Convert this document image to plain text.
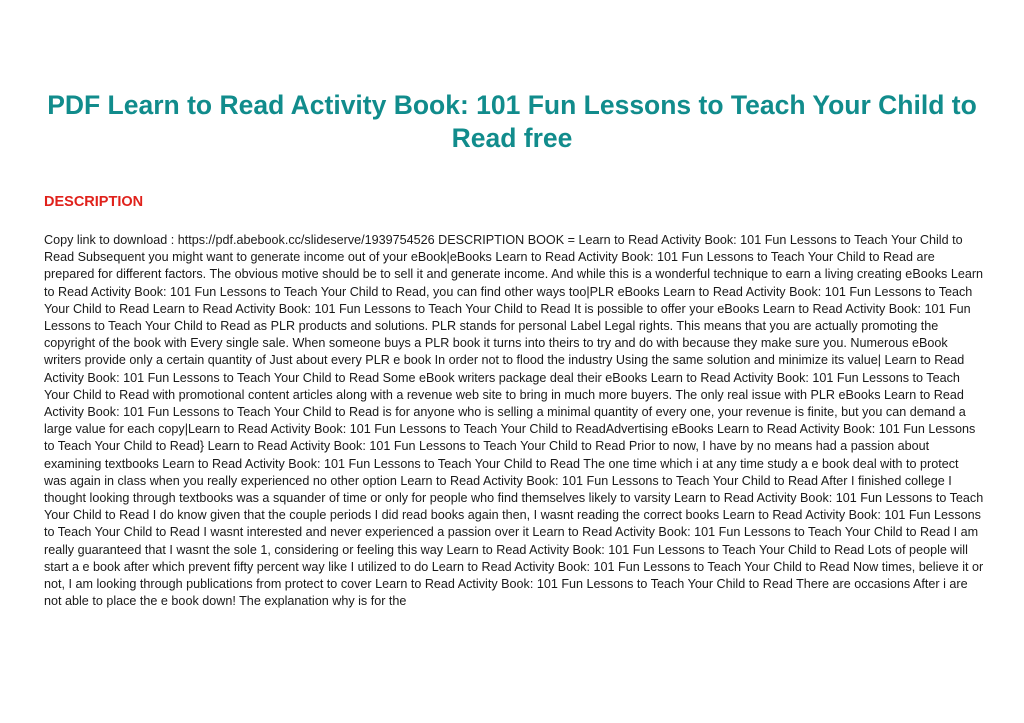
PDF Learn to Read Activity Book: 101 Fun Lessons to Teach Your Child to Read free
DESCRIPTION

Copy link to download : https://pdf.abebook.cc/slideserve/1939754526 DESCRIPTION BOOK = Learn to Read Activity Book: 101 Fun Lessons to Teach Your Child to Read Subsequent you might want to generate income out of your eBook|eBooks Learn to Read Activity Book: 101 Fun Lessons to Teach Your Child to Read are prepared for different factors. The obvious motive should be to sell it and generate income. And while this is a wonderful technique to earn a living creating eBooks Learn to Read Activity Book: 101 Fun Lessons to Teach Your Child to Read, you can find other ways too|PLR eBooks Learn to Read Activity Book: 101 Fun Lessons to Teach Your Child to Read Learn to Read Activity Book: 101 Fun Lessons to Teach Your Child to Read It is possible to offer your eBooks Learn to Read Activity Book: 101 Fun Lessons to Teach Your Child to Read as PLR products and solutions. PLR stands for personal Label Legal rights. This means that you are actually promoting the copyright of the book with Every single sale. When someone buys a PLR book it turns into theirs to try and do with because they make sure you. Numerous eBook writers provide only a certain quantity of Just about every PLR e book In order not to flood the industry Using the same solution and minimize its value| Learn to Read Activity Book: 101 Fun Lessons to Teach Your Child to Read Some eBook writers package deal their eBooks Learn to Read Activity Book: 101 Fun Lessons to Teach Your Child to Read with promotional content articles along with a revenue web site to bring in much more buyers. The only real issue with PLR eBooks Learn to Read Activity Book: 101 Fun Lessons to Teach Your Child to Read is for anyone who is selling a minimal quantity of every one, your revenue is finite, but you can demand a large value for each copy|Learn to Read Activity Book: 101 Fun Lessons to Teach Your Child to ReadAdvertising eBooks Learn to Read Activity Book: 101 Fun Lessons to Teach Your Child to Read} Learn to Read Activity Book: 101 Fun Lessons to Teach Your Child to Read Prior to now, I have by no means had a passion about examining textbooks Learn to Read Activity Book: 101 Fun Lessons to Teach Your Child to Read The one time which i at any time study a e book deal with to protect was again in class when you really experienced no other option Learn to Read Activity Book: 101 Fun Lessons to Teach Your Child to Read After I finished college I thought looking through textbooks was a squander of time or only for people who find themselves likely to varsity Learn to Read Activity Book: 101 Fun Lessons to Teach Your Child to Read I do know given that the couple periods I did read books again then, I wasnt reading the correct books Learn to Read Activity Book: 101 Fun Lessons to Teach Your Child to Read I wasnt interested and never experienced a passion over it Learn to Read Activity Book: 101 Fun Lessons to Teach Your Child to Read I am really guaranteed that I wasnt the sole 1, considering or feeling this way Learn to Read Activity Book: 101 Fun Lessons to Teach Your Child to Read Lots of people will start a e book after which prevent fifty percent way like I utilized to do Learn to Read Activity Book: 101 Fun Lessons to Teach Your Child to Read Now times, believe it or not, I am looking through publications from protect to cover Learn to Read Activity Book: 101 Fun Lessons to Teach Your Child to Read There are occasions After i are not able to place the e book down! The explanation why is for the
